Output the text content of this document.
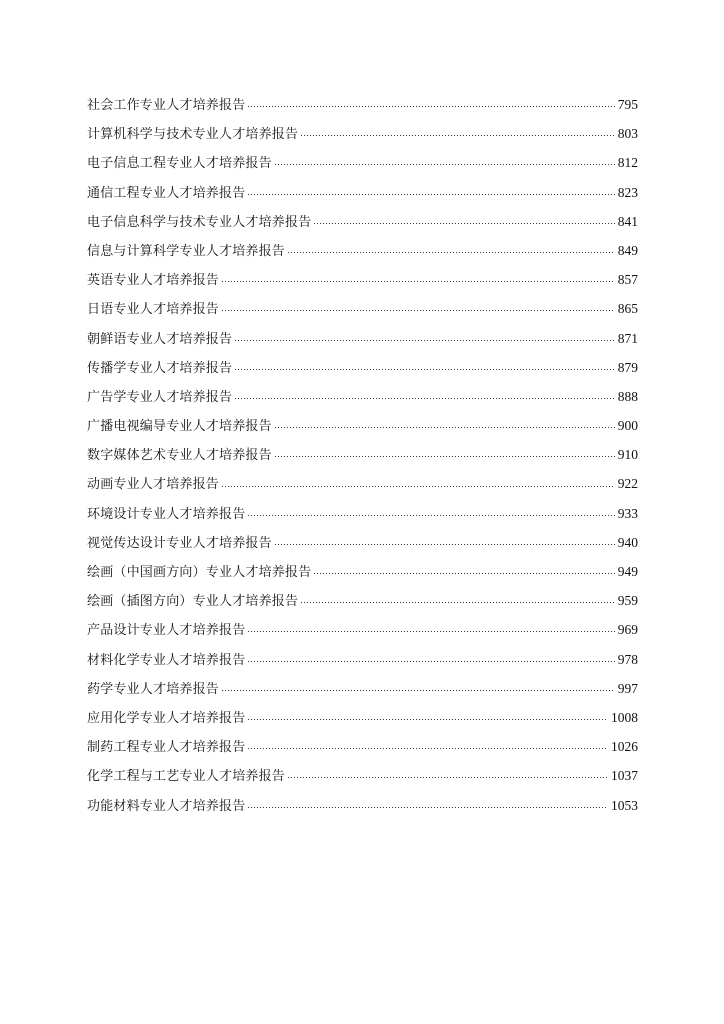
社会工作专业人才培养报告	795
计算机科学与技术专业人才培养报告	803
电子信息工程专业人才培养报告	812
通信工程专业人才培养报告	823
电子信息科学与技术专业人才培养报告	841
信息与计算科学专业人才培养报告	849
英语专业人才培养报告	857
日语专业人才培养报告	865
朝鲜语专业人才培养报告	871
传播学专业人才培养报告	879
广告学专业人才培养报告	888
广播电视编导专业人才培养报告	900
数字媒体艺术专业人才培养报告	910
动画专业人才培养报告	922
环境设计专业人才培养报告	933
视觉传达设计专业人才培养报告	940
绘画（中国画方向）专业人才培养报告	949
绘画（插图方向）专业人才培养报告	959
产品设计专业人才培养报告	969
材料化学专业人才培养报告	978
药学专业人才培养报告	997
应用化学专业人才培养报告	1008
制药工程专业人才培养报告	1026
化学工程与工艺专业人才培养报告	1037
功能材料专业人才培养报告	1053
